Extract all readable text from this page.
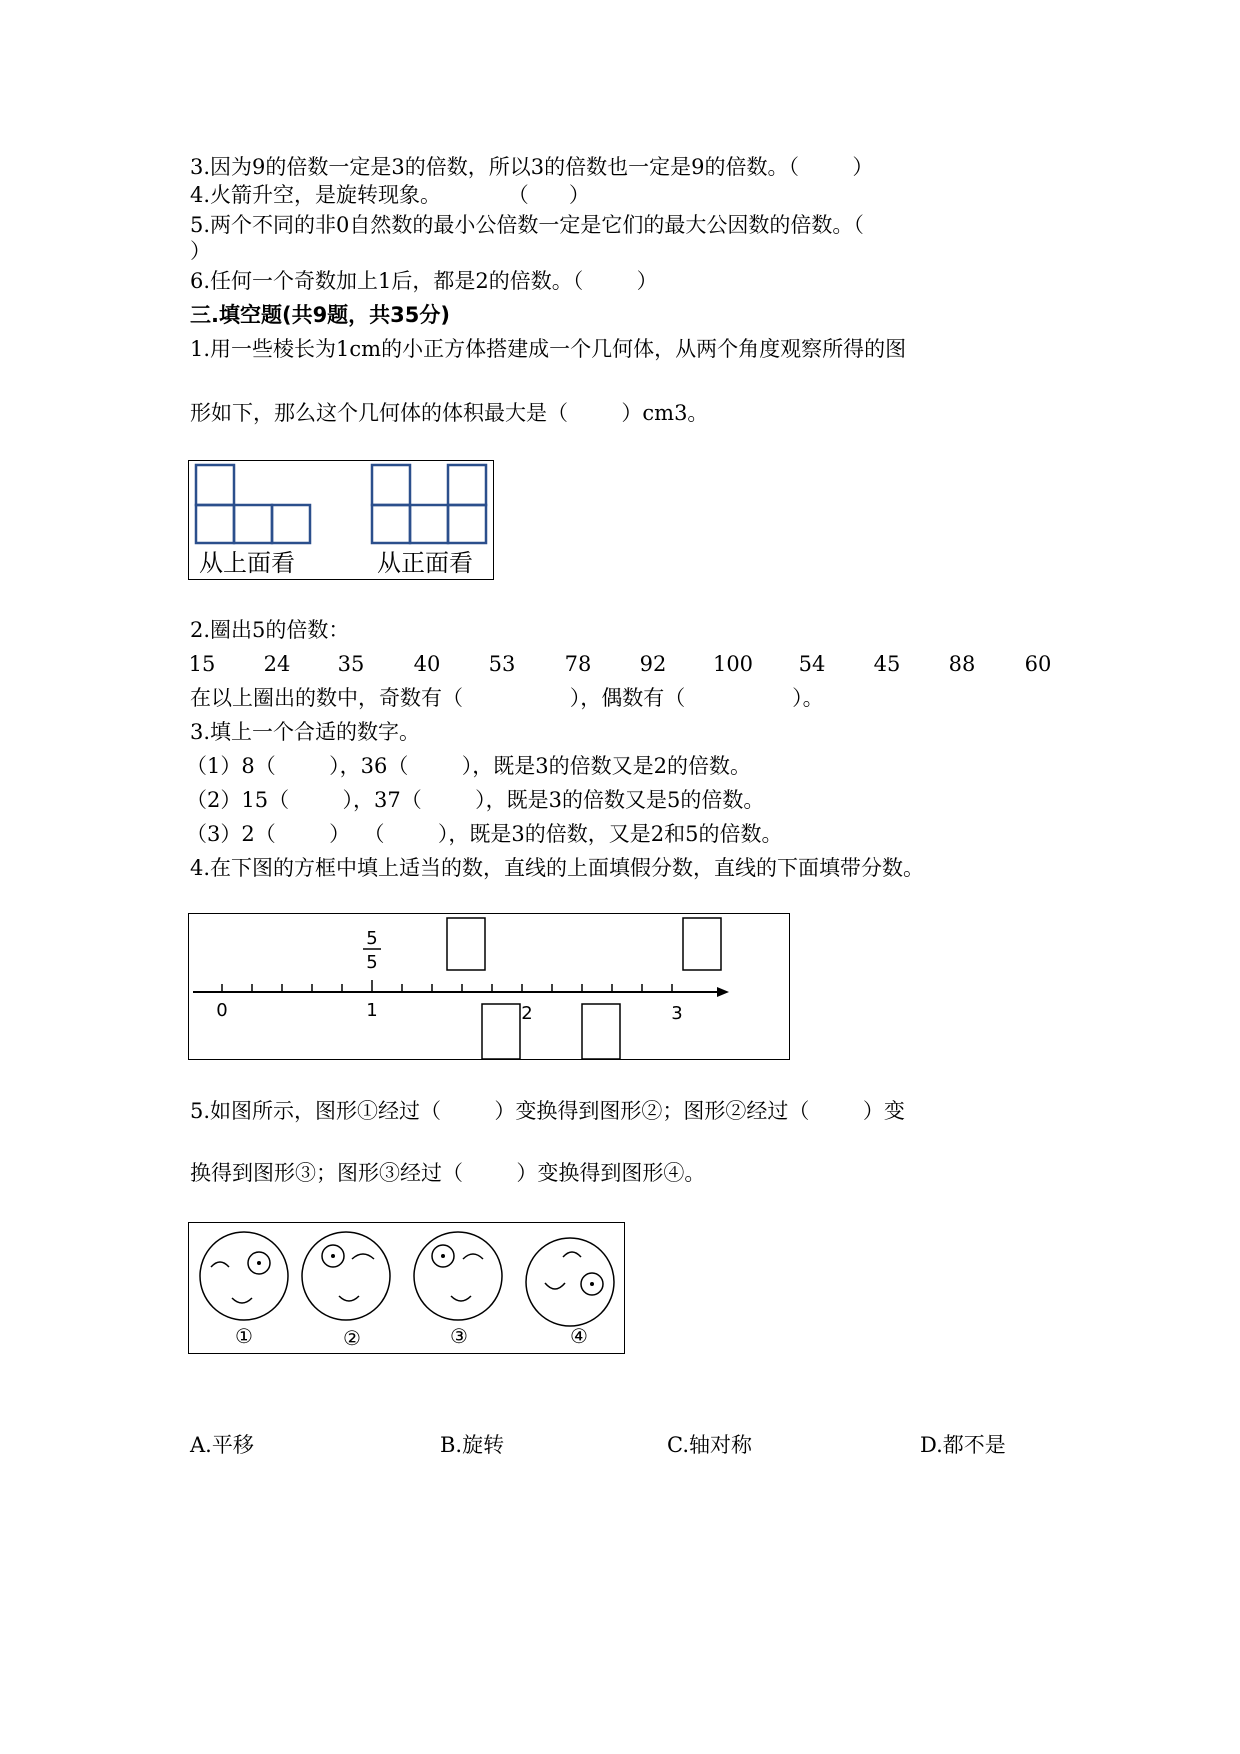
3.因为9的倍数一定是3的倍数，所以3的倍数也一定是9的倍数。（        ）
4.火箭升空，是旋转现象。          （      ）
5.两个不同的非0自然数的最小公倍数一定是它们的最大公因数的倍数。（
）
6.任何一个奇数加上1后，都是2的倍数。（        ）
三.填空题(共9题，共35分)
1.用一些棱长为1cm的小正方体搭建成一个几何体，从两个角度观察所得的图
形如下，那么这个几何体的体积最大是（        ）cm3。
从上面看	从正面看
2.圈出5的倍数：
15	24	35	40	53	78	92	100	54	45	88	60
在以上圈出的数中，奇数有（                ），偶数有（                ）。
3.填上一个合适的数字。
（1）8（        ），36（        ），既是3的倍数又是2的倍数。
（2）15（        ），37（        ），既是3的倍数又是5的倍数。
（3）2（        ）  （        ），既是3的倍数，又是2和5的倍数。
4.在下图的方框中填上适当的数，直线的上面填假分数，直线的下面填带分数。
5
5
0	1	2	3
5.如图所示，图形①经过（        ）变换得到图形②；图形②经过（        ）变
换得到图形③；图形③经过（        ）变换得到图形④。
①	②	③	④
A.平移	B.旋转	C.轴对称	D.都不是
